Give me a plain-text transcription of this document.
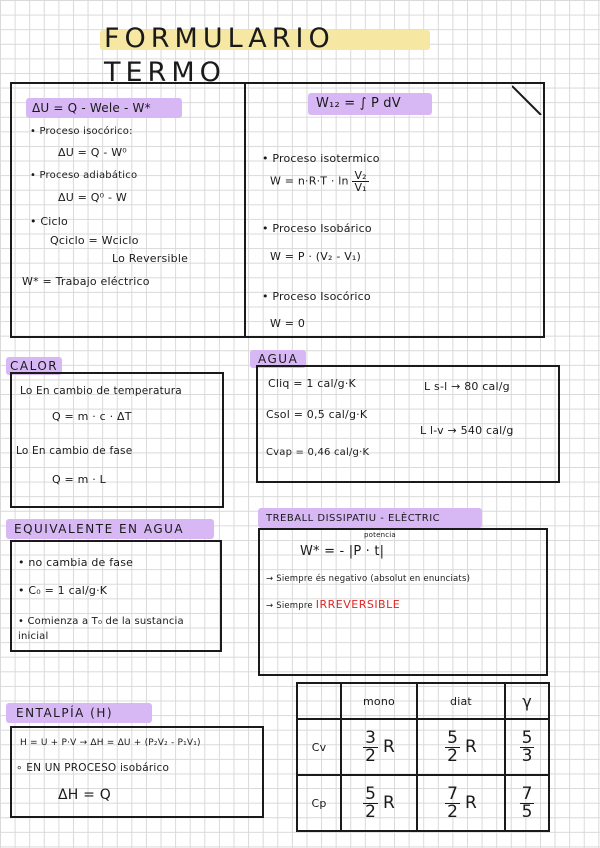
FORMULARIO TERMO
ΔU = Q - Wele - W*
• Proceso isocórico:
ΔU = Q - W⁰
• Proceso adiabático
ΔU = Q⁰ - W
• Ciclo
Qciclo = Wciclo
Lo Reversible
W* = Trabajo eléctrico
W₁₂ = ∫ P dV
• Proceso isotermico
$W = n\cdot R\cdot T \cdot \ln \frac{\text{V₂}}{\text{V₁}}$
• Proceso Isobárico
W = P · (V₂ - V₁)
• Proceso Isocórico
W = 0
CALOR
Lo En cambio de temperatura
Q = m · c · ΔT
Lo En cambio de fase
Q = m · L
AGUA
Cliq = 1 cal/g·K
Csol = 0,5 cal/g·K
Cvap = 0,46 cal/g·K
L s-l → 80 cal/g
L l-v → 540 cal/g
EQUIVALENTE EN AGUA
• no cambia de fase
• C₀ = 1 cal/g·K
• Comienza a T₀ de la sustancia inicial
TREBALL DISSIPATIU - ELÈCTRIC
potencia
W* = - |P · t|
→ Siempre és negativo (absolut en enunciats)
→ Siempre IRREVERSIBLE
ENTALPÍA (H)
H = U + P·V → ΔH = ΔU + (P₂V₂ - P₁V₁)
∘ EN UN PROCESO isobárico
ΔH = Q
	mono	diat	γ
Cv	$\frac{3}{2}$ R	$\frac{5}{2}$ R	$\frac{5}{3}$

Cp	$\frac{5}{2}$ R	$\frac{7}{2}$ R	$\frac{7}{5}$
